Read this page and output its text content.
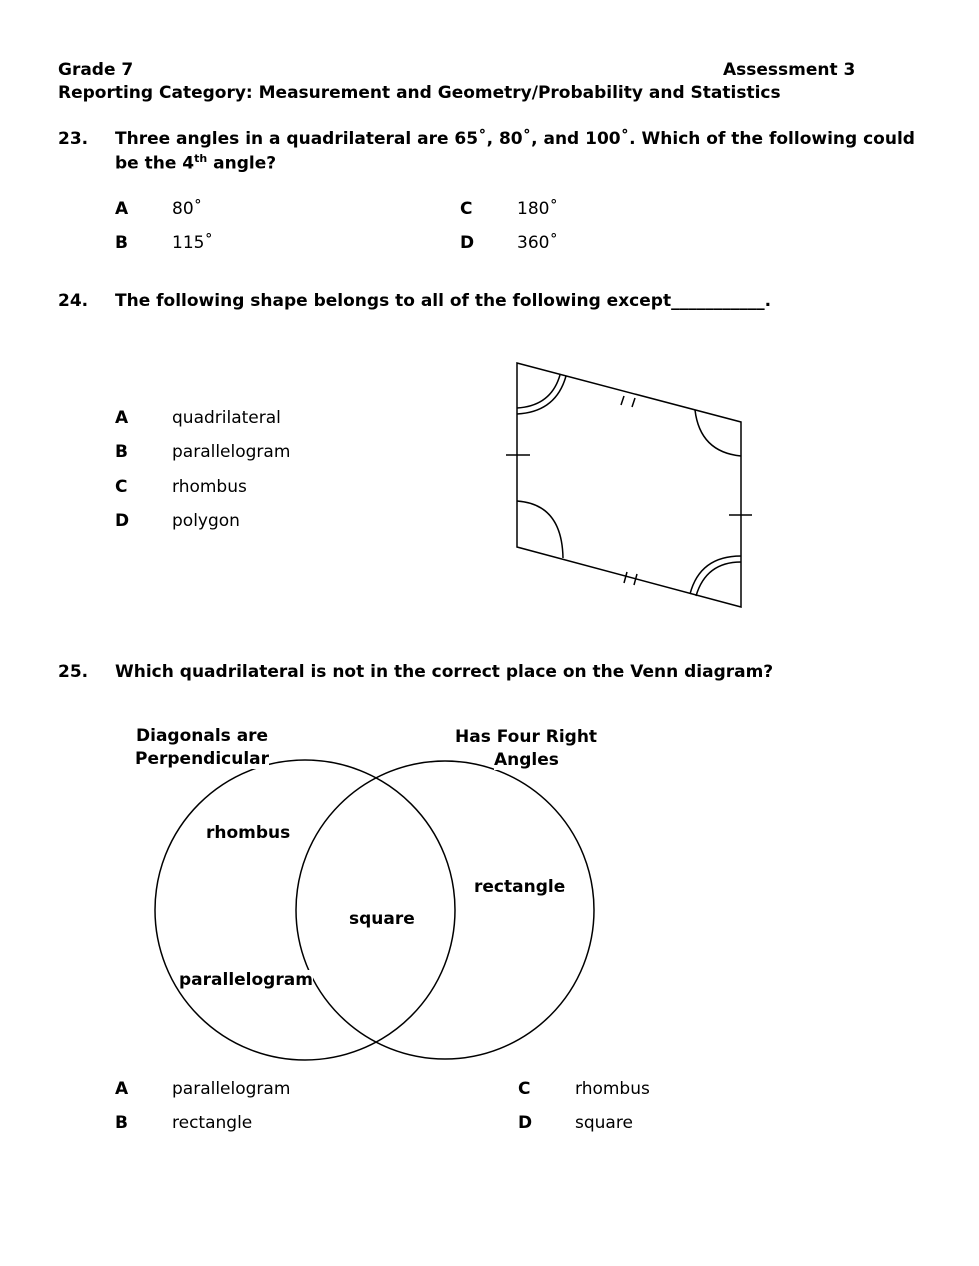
Grade 7	Assessment 3
Reporting Category: Measurement and Geometry/Probability and Statistics
23. Three angles in a quadrilateral are 65˚, 80˚, and 100˚. Which of the following could
be the 4th angle?
A	80˚
B	115˚
C	180˚
D	360˚
24. The following shape belongs to all of the following except___________.
A	quadrilateral
B	parallelogram
C	rhombus
D	polygon
25. Which quadrilateral is not in the correct place on the Venn diagram?
Diagonals are
Perpendicular
Has Four Right
Angles
rhombus
rectangle
square
parallelogram
A	parallelogram
B	rectangle
C	rhombus
D	square
